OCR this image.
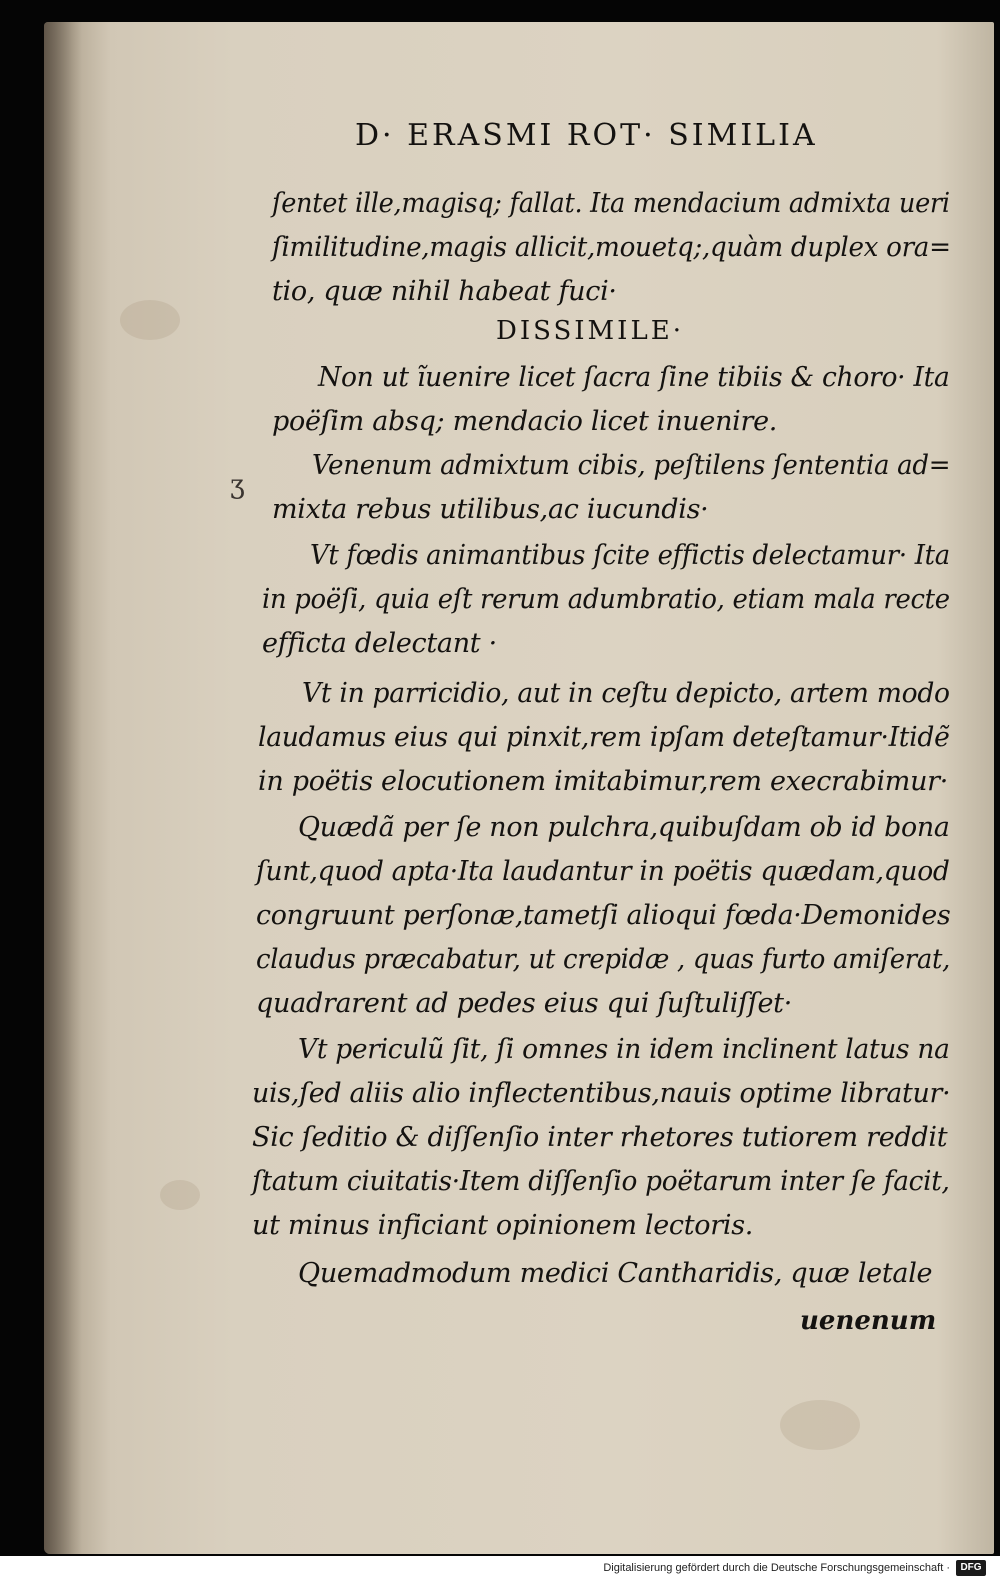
D· ERASMI ROT· SIMILIA
ſentet ille,magisq; fallat. Ita mendacium admixta ueri
ſimilitudine,magis allicit,mouetq;,quàm duplex ora=
tio, quæ nihil habeat fuci·
DISSIMILE·
Non ut ĩuenire licet ſacra ſine tibiis & choro· Ita
poëſim absq; mendacio licet inuenire.
ʒ
Venenum admixtum cibis, peſtilens ſententia ad=
mixta rebus utilibus,ac iucundis·
Vt fœdis animantibus ſcite effictis delectamur· Ita
in poëſi, quia eſt rerum adumbratio, etiam mala recte
efficta delectant ·
Vt in parricidio, aut in ceſtu depicto, artem modo
laudamus eius qui pinxit,rem ipſam deteſtamur·Itidẽ
in poëtis elocutionem imitabimur,rem execrabimur·
Quædã per ſe non pulchra,quibuſdam ob id bona
ſunt,quod apta·Ita laudantur in poëtis quædam,quod
congruunt perſonæ,tametſi alioqui fœda·Demonides
claudus præcabatur, ut crepidæ , quas furto amiſerat,
quadrarent ad pedes eius qui ſuſtuliſſet·
Vt periculũ ſit, ſi omnes in idem inclinent latus na
uis,ſed aliis alio inflectentibus,nauis optime libratur·
Sic ſeditio & diſſenſio inter rhetores tutiorem reddit
ſtatum ciuitatis·Item diſſenſio poëtarum inter ſe facit,
ut minus inficiant opinionem lectoris.
Quemadmodum medici Cantharidis, quæ letale
uenenum
Digitalisierung gefördert durch die Deutsche Forschungsgemeinschaft ·	DFG
